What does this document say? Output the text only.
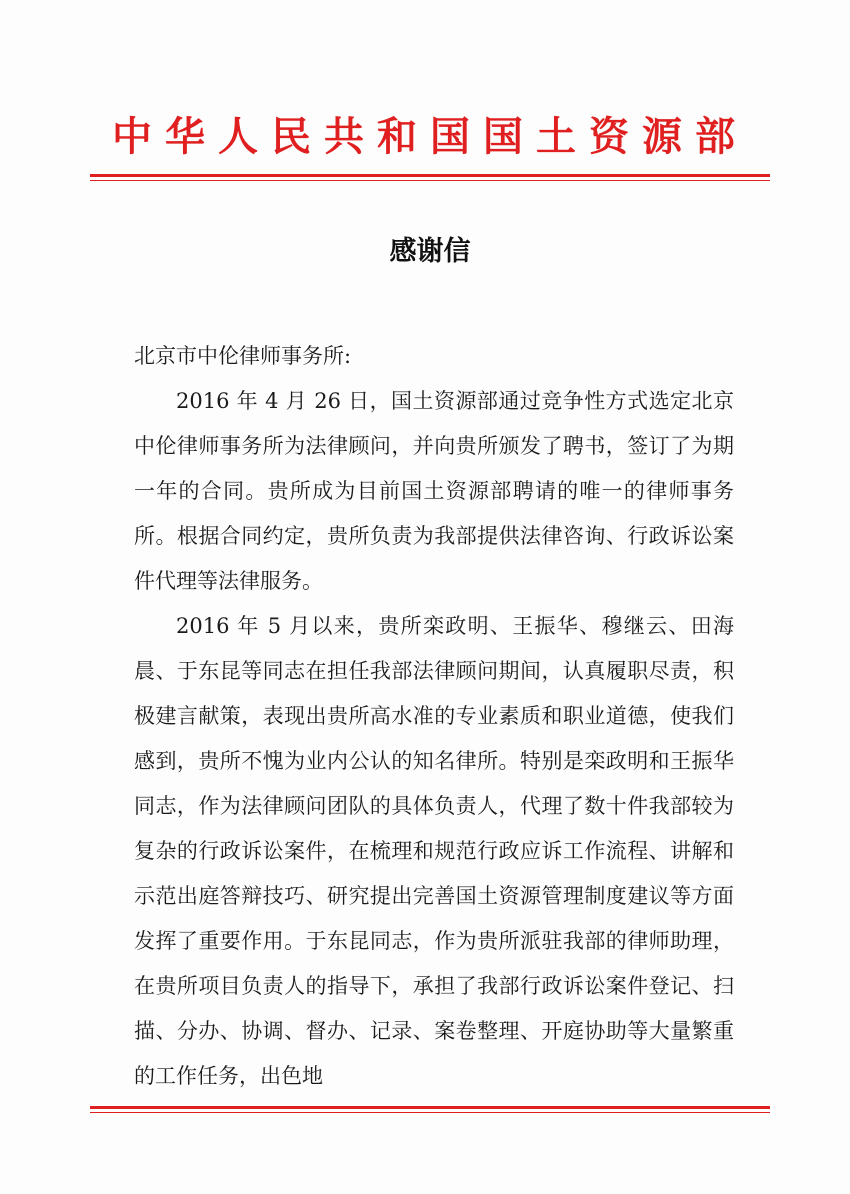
中华人民共和国国土资源部
感谢信

北京市中伦律师事务所:

2016 年 4 月 26 日，国土资源部通过竞争性方式选定北京中伦律师事务所为法律顾问，并向贵所颁发了聘书，签订了为期一年的合同。贵所成为目前国土资源部聘请的唯一的律师事务所。根据合同约定，贵所负责为我部提供法律咨询、行政诉讼案件代理等法律服务。

2016 年 5 月以来，贵所栾政明、王振华、穆继云、田海晨、于东昆等同志在担任我部法律顾问期间，认真履职尽责，积极建言献策，表现出贵所高水准的专业素质和职业道德，使我们感到，贵所不愧为业内公认的知名律所。特别是栾政明和王振华同志，作为法律顾问团队的具体负责人，代理了数十件我部较为复杂的行政诉讼案件，在梳理和规范行政应诉工作流程、讲解和示范出庭答辩技巧、研究提出完善国土资源管理制度建议等方面发挥了重要作用。于东昆同志，作为贵所派驻我部的律师助理，在贵所项目负责人的指导下，承担了我部行政诉讼案件登记、扫描、分办、协调、督办、记录、案卷整理、开庭协助等大量繁重的工作任务，出色地
